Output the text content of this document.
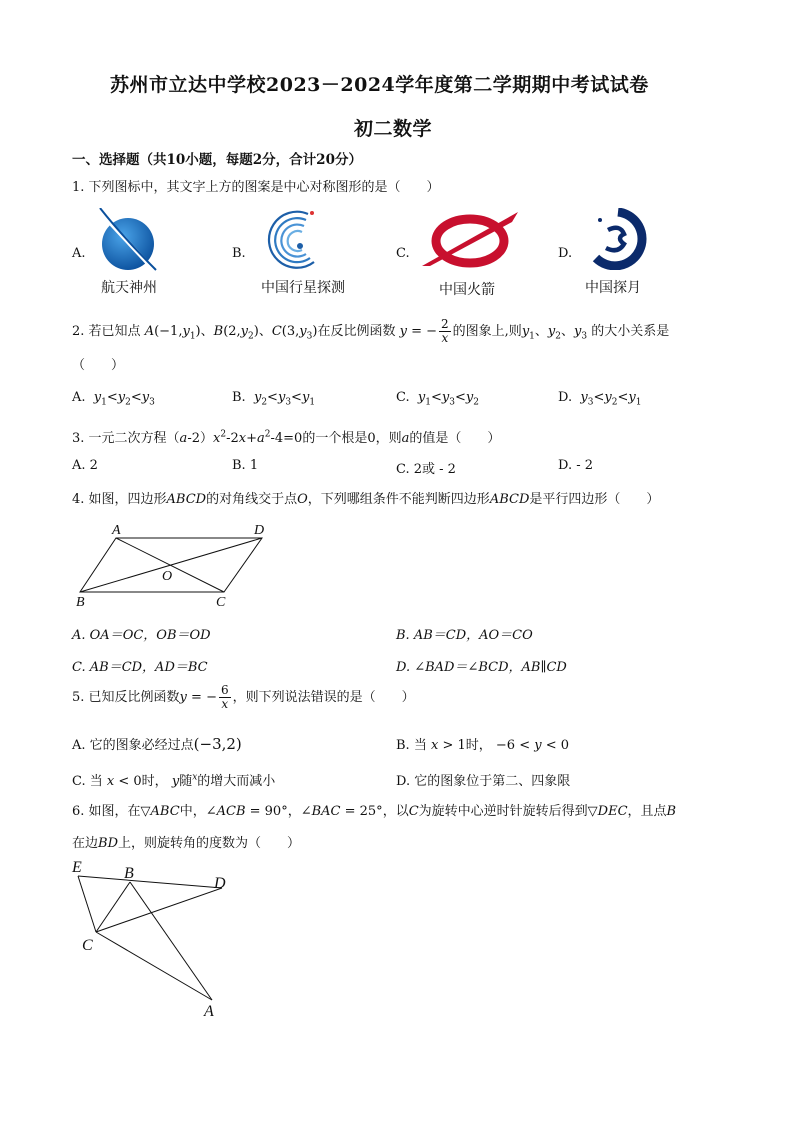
苏州市立达中学校2023－2024学年度第二学期期中考试试卷
初二数学
一、选择题（共10小题，每题2分，合计20分）
1. 下列图标中，其文字上方的图案是中心对称图形的是（　　）
A.
航天神州
B.
中国行星探测
C.
中国火箭
D.
中国探月
2. 若已知点 $A(-1,y_1)$、$B(2,y_2)$、$C(3,y_3)$在反比例函数 y = − $\frac{2}{x}$ 的图象上,则$y_1$、$y_2$、$y_3$ 的大小关系是
（　　）
A. $y_1<y_2<y_3$	B. $y_2<y_3<y_1$	C. $y_1<y_3<y_2$	D. $y_3<y_2<y_1$
3. 一元二次方程$(a-2)x^2-2x+a^2-4=0$的一个根是0，则a的值是（　　）
A. 2	B. 1	C. 2或 - 2	D. - 2
4. 如图，四边形ABCD的对角线交于点O，下列哪组条件不能判断四边形ABCD是平行四边形（　　）
A	D
O
B	C
A. OA＝OC，OB＝OD	B. AB＝CD，AO＝CO
C. AB＝CD，AD＝BC	D. ∠BAD＝∠BCD，AB∥CD
5. 已知反比例函数y = − $\frac{6}{x}$ ，则下列说法错误的是（　　）
A. 它的图象必经过点(−3,2)	B. 当 x > 1时， −6 < y < 0
C. 当 x < 0时， y随$^x$的增大而减小	D. 它的图象位于第二、四象限
6. 如图，在▽ABC中，∠ACB = 90°，∠BAC = 25°，以C为旋转中心逆时针旋转后得到▽DEC，且点B
在边BD上，则旋转角的度数为（　　）
E	B
D
C
A
